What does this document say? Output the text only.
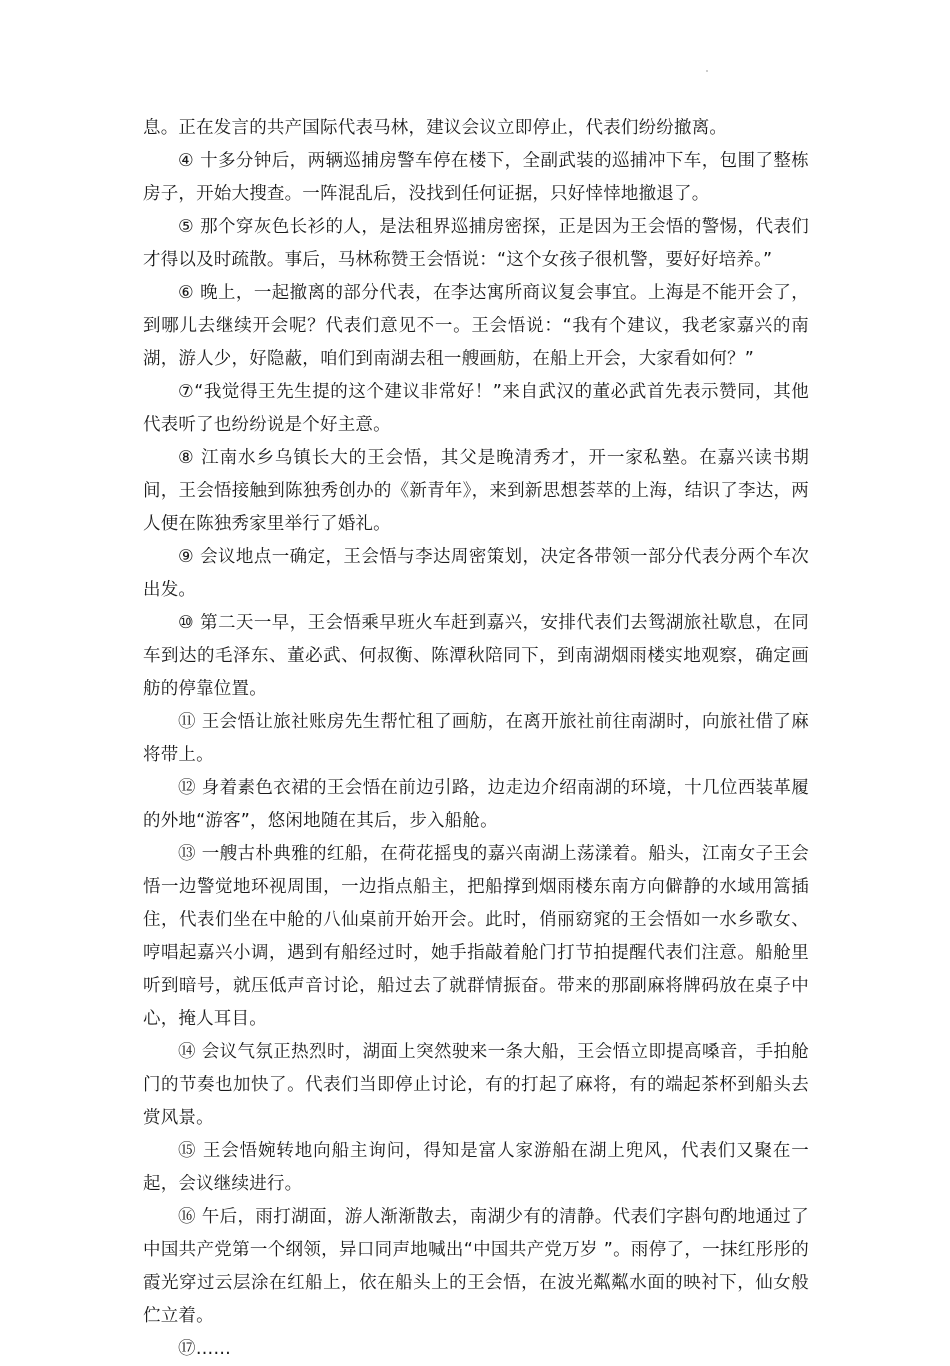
息。正在发言的共产国际代表马林，建议会议立即停止，代表们纷纷撤离。

④ 十多分钟后，两辆巡捕房警车停在楼下，全副武装的巡捕冲下车，包围了整栋房子，开始大搜查。一阵混乱后，没找到任何证据，只好悻悻地撤退了。

⑤ 那个穿灰色长衫的人，是法租界巡捕房密探，正是因为王会悟的警惕，代表们才得以及时疏散。事后，马林称赞王会悟说：“这个女孩子很机警，要好好培养。”

⑥ 晚上，一起撤离的部分代表，在李达寓所商议复会事宜。上海是不能开会了，到哪儿去继续开会呢？代表们意见不一。王会悟说：“我有个建议，我老家嘉兴的南湖，游人少，好隐蔽，咱们到南湖去租一艘画舫，在船上开会，大家看如何？”

⑦“我觉得王先生提的这个建议非常好！”来自武汉的董必武首先表示赞同，其他代表听了也纷纷说是个好主意。

⑧ 江南水乡乌镇长大的王会悟，其父是晚清秀才，开一家私塾。在嘉兴读书期间，王会悟接触到陈独秀创办的《新青年》，来到新思想荟萃的上海，结识了李达，两人便在陈独秀家里举行了婚礼。

⑨ 会议地点一确定，王会悟与李达周密策划，决定各带领一部分代表分两个车次出发。

⑩ 第二天一早，王会悟乘早班火车赶到嘉兴，安排代表们去鸳湖旅社歇息，在同车到达的毛泽东、董必武、何叔衡、陈潭秋陪同下，到南湖烟雨楼实地观察，确定画舫的停靠位置。

⑪ 王会悟让旅社账房先生帮忙租了画舫，在离开旅社前往南湖时，向旅社借了麻将带上。

⑫ 身着素色衣裙的王会悟在前边引路，边走边介绍南湖的环境，十几位西装革履的外地“游客”，悠闲地随在其后，步入船舱。

⑬ 一艘古朴典雅的红船，在荷花摇曳的嘉兴南湖上荡漾着。船头，江南女子王会悟一边警觉地环视周围，一边指点船主，把船撑到烟雨楼东南方向僻静的水域用篙插住，代表们坐在中舱的八仙桌前开始开会。此时，俏丽窈窕的王会悟如一水乡歌女、哼唱起嘉兴小调，遇到有船经过时，她手指敲着舱门打节拍提醒代表们注意。船舱里听到暗号，就压低声音讨论，船过去了就群情振奋。带来的那副麻将牌码放在桌子中心，掩人耳目。

⑭ 会议气氛正热烈时，湖面上突然驶来一条大船，王会悟立即提高嗓音，手拍舱门的节奏也加快了。代表们当即停止讨论，有的打起了麻将，有的端起茶杯到船头去赏风景。

⑮ 王会悟婉转地向船主询问，得知是富人家游船在湖上兜风，代表们又聚在一起，会议继续进行。

⑯ 午后，雨打湖面，游人渐渐散去，南湖少有的清静。代表们字斟句酌地通过了中国共产党第一个纲领，异口同声地喊出“中国共产党万岁 ”。雨停了，一抹红彤彤的霞光穿过云层涂在红船上，依在船头上的王会悟，在波光粼粼水面的映衬下，仙女般伫立着。

⑰……
